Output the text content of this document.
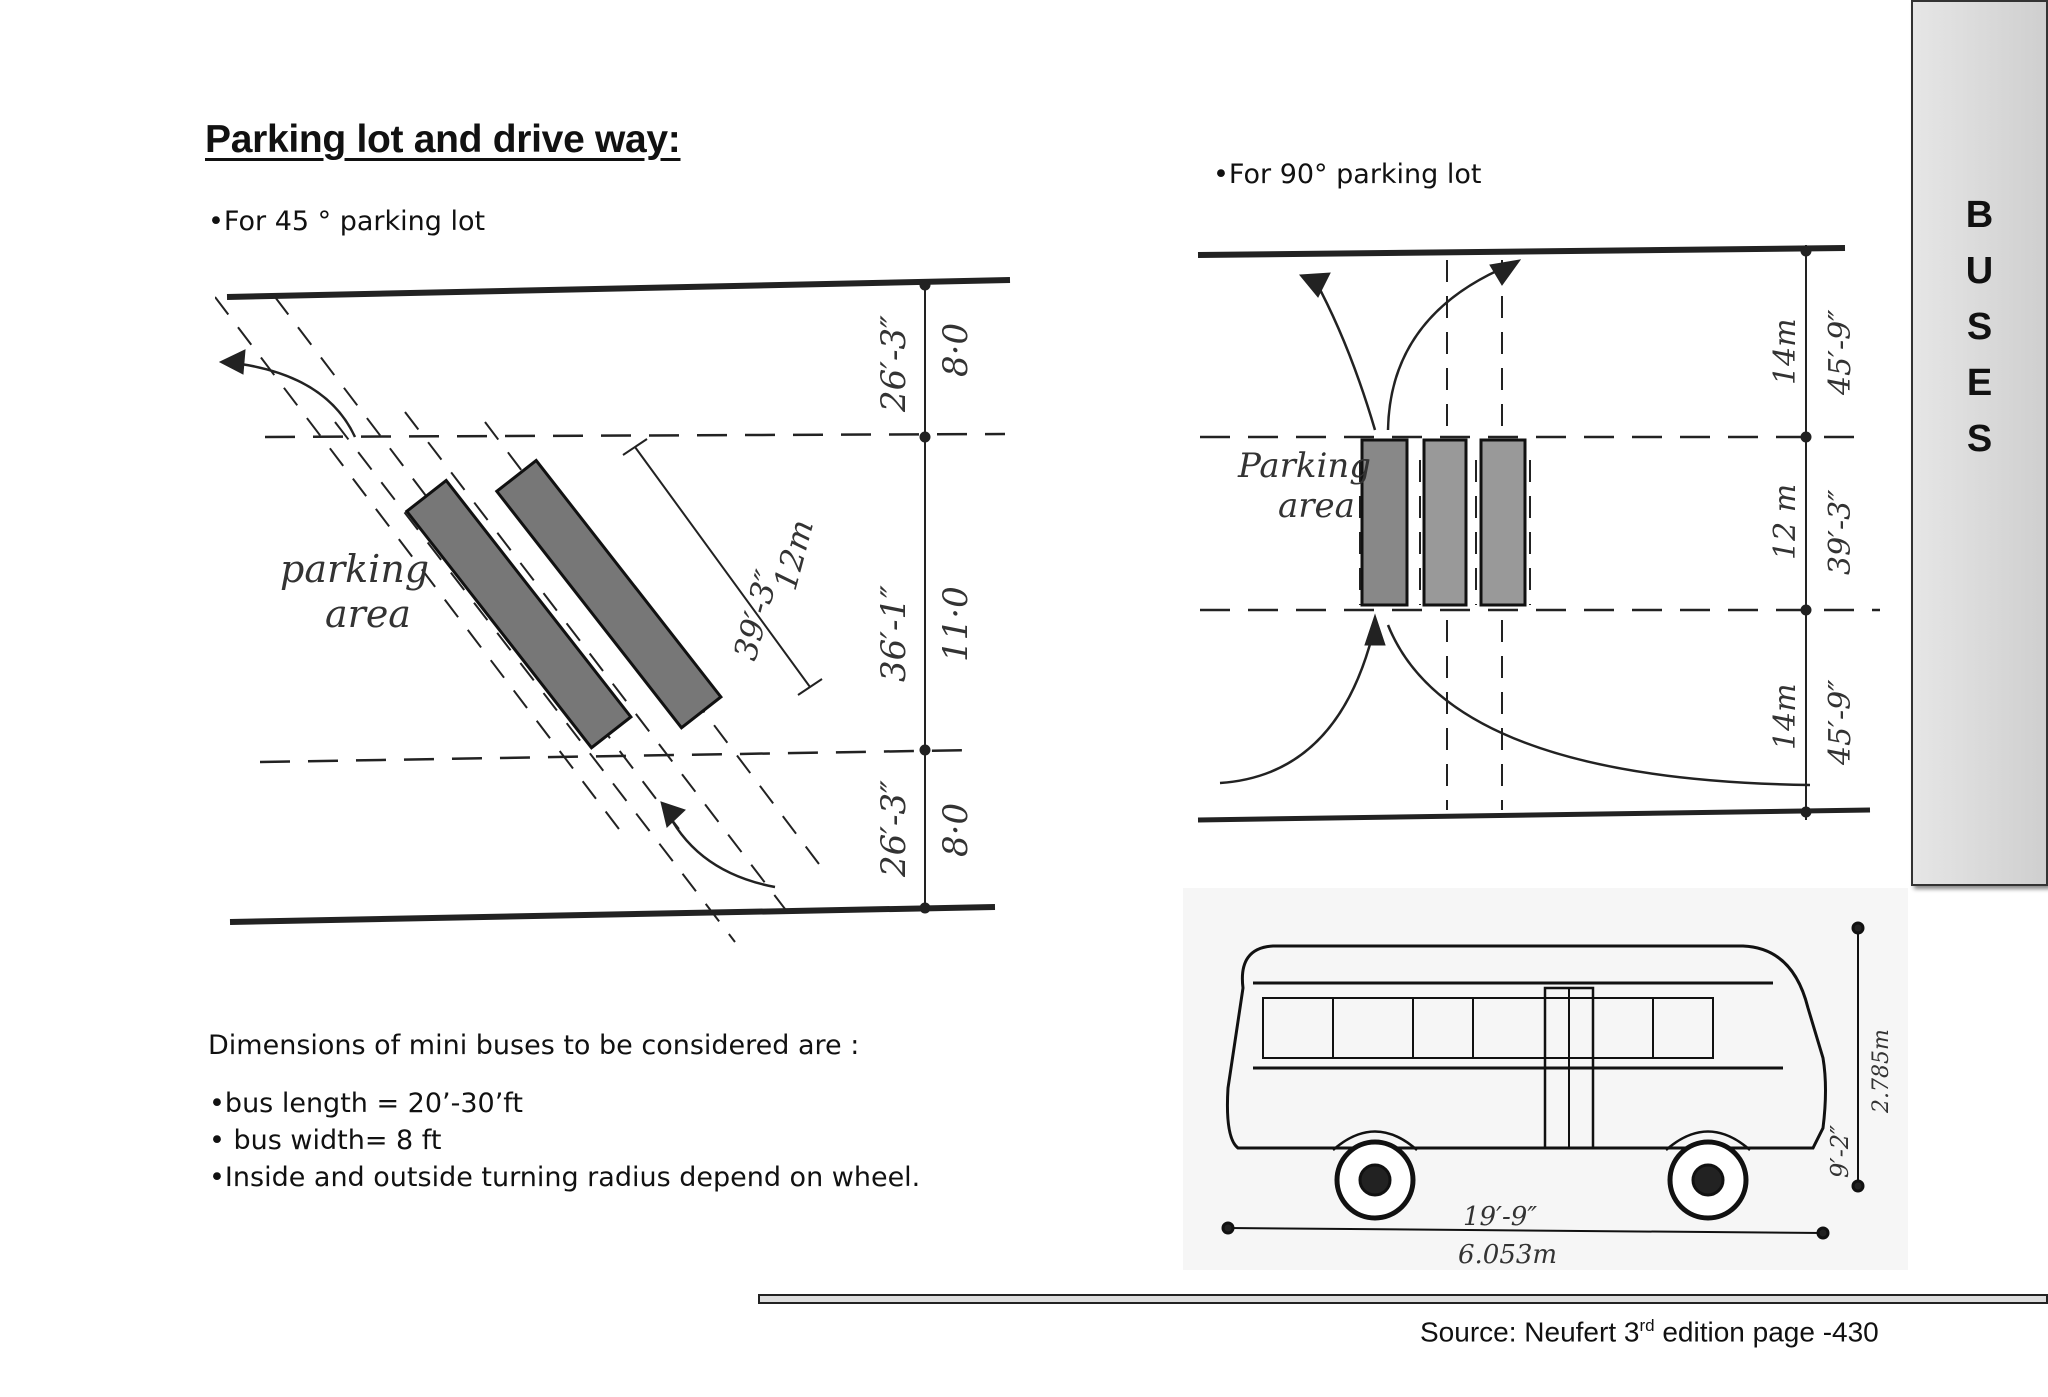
Parking lot and drive way:
•For 45 ° parking lot
•For 90° parking lot
parking
area
26′-3″ 8·0
36′-1″ 11·0
26′-3″ 8·0
39′-3″
12m
Parking
area
14m 45′-9″
12 m 39′-3″
14m 45′-9″
19′-9″
6.053m
9′-2″
2.785m
Dimensions of mini buses to be considered are :
•bus length = 20’-30’ft
• bus width= 8 ft
•Inside and outside turning radius depend on wheel.
B
U
S
E
S
Source: Neufert 3rd edition page -430
